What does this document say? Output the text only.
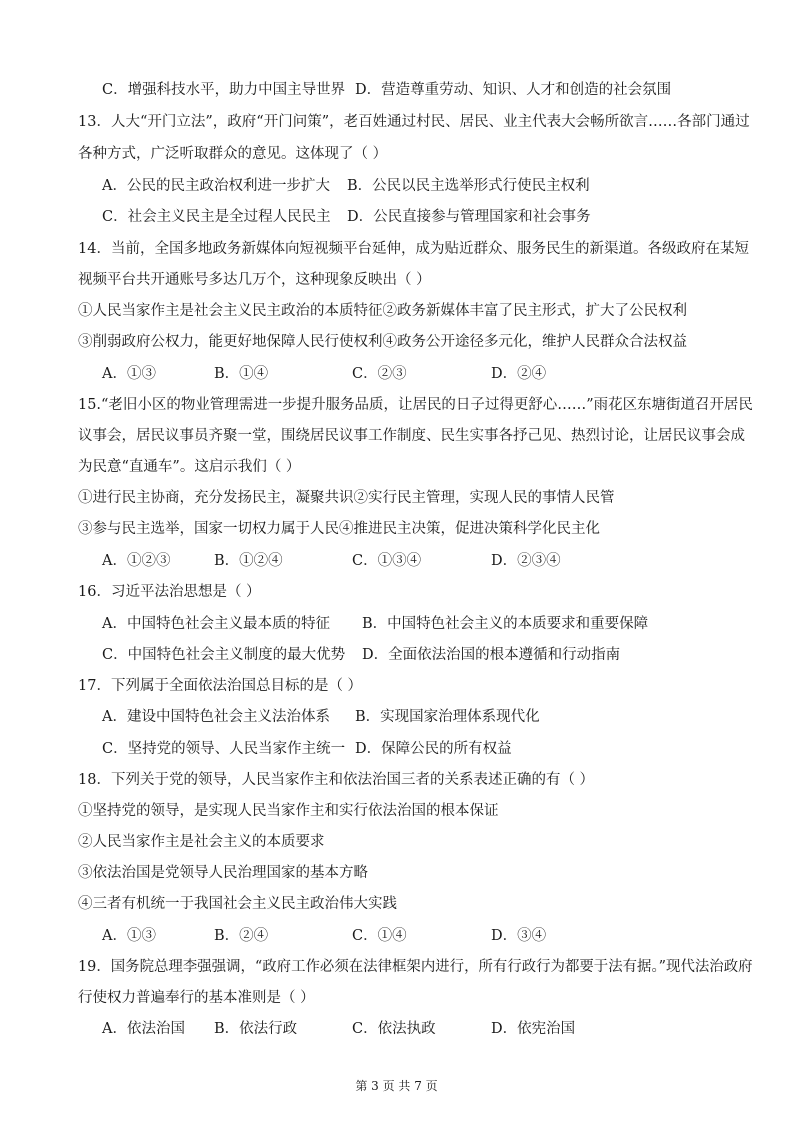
C．增强科技水平，助力中国主导世界 D．营造尊重劳动、知识、人才和创造的社会氛围
13．人大“开门立法”，政府“开门问策”，老百姓通过村民、居民、业主代表大会畅所欲言……各部门通过
各种方式，广泛听取群众的意见。这体现了（ ）
A．公民的民主政治权利进一步扩大 B．公民以民主选举形式行使民主权利
C．社会主义民主是全过程人民民主 D．公民直接参与管理国家和社会事务
14．当前，全国多地政务新媒体向短视频平台延伸，成为贴近群众、服务民生的新渠道。各级政府在某短
视频平台共开通账号多达几万个，这种现象反映出（ ）
①人民当家作主是社会主义民主政治的本质特征②政务新媒体丰富了民主形式，扩大了公民权利
③削弱政府公权力，能更好地保障人民行使权利④政务公开途径多元化，维护人民群众合法权益
A．①③	B．①④	C．②③	D．②④
15.“老旧小区的物业管理需进一步提升服务品质，让居民的日子过得更舒心……”雨花区东塘街道召开居民
议事会，居民议事员齐聚一堂，围绕居民议事工作制度、民生实事各抒己见、热烈讨论，让居民议事会成
为民意“直通车”。这启示我们（ ）
①进行民主协商，充分发扬民主，凝聚共识②实行民主管理，实现人民的事情人民管
③参与民主选举，国家一切权力属于人民④推进民主决策，促进决策科学化民主化
A．①②③	B．①②④	C．①③④	D．②③④
16．习近平法治思想是（ ）
A．中国特色社会主义最本质的特征 B．中国特色社会主义的本质要求和重要保障
C．中国特色社会主义制度的最大优势 D．全面依法治国的根本遵循和行动指南
17．下列属于全面依法治国总目标的是（ ）
A．建设中国特色社会主义法治体系 B．实现国家治理体系现代化
C．坚持党的领导、人民当家作主统一 D．保障公民的所有权益
18．下列关于党的领导，人民当家作主和依法治国三者的关系表述正确的有（ ）
①坚持党的领导，是实现人民当家作主和实行依法治国的根本保证
②人民当家作主是社会主义的本质要求
③依法治国是党领导人民治理国家的基本方略
④三者有机统一于我国社会主义民主政治伟大实践
A．①③	B．②④	C．①④	D．③④
19．国务院总理李强强调，“政府工作必须在法律框架内进行，所有行政行为都要于法有据。”现代法治政府
行使权力普遍奉行的基本准则是（ ）
A．依法治国 B．依法行政	C．依法执政	D．依宪治国
第 3 页 共 7 页
